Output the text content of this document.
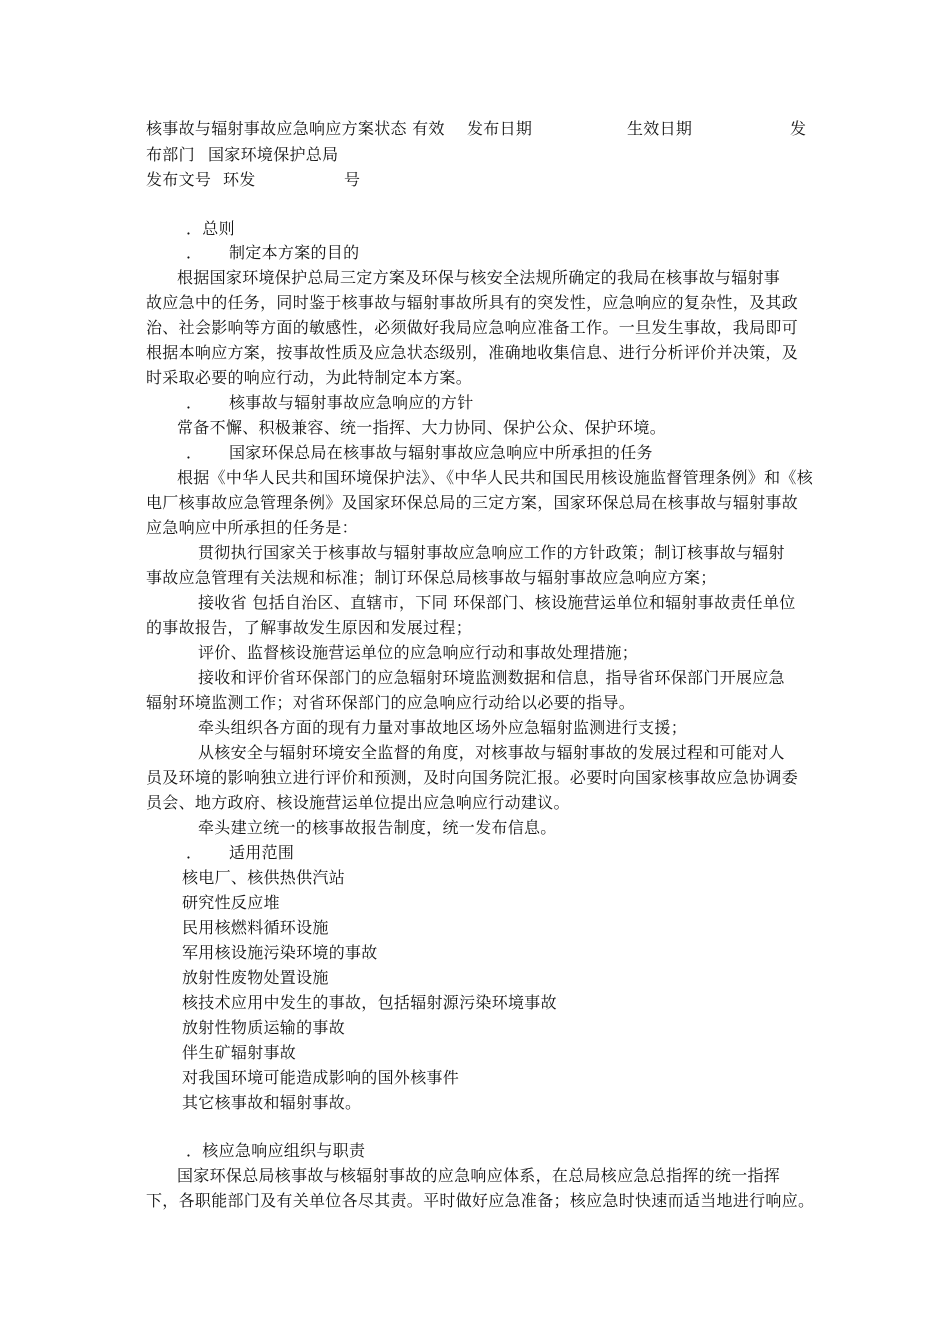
核事故与辐射事故应急响应方案状态 有效 发布日期	生效日期	发
布部门 国家环境保护总局
发布文号 环发	号
．总则
． 制定本方案的目的
根据国家环境保护总局三定方案及环保与核安全法规所确定的我局在核事故与辐射事
故应急中的任务，同时鉴于核事故与辐射事故所具有的突发性，应急响应的复杂性，及其政
治、社会影响等方面的敏感性，必须做好我局应急响应准备工作。一旦发生事故，我局即可
根据本响应方案，按事故性质及应急状态级别，准确地收集信息、进行分析评价并决策，及
时采取必要的响应行动，为此特制定本方案。
． 核事故与辐射事故应急响应的方针
常备不懈、积极兼容、统一指挥、大力协同、保护公众、保护环境。
． 国家环保总局在核事故与辐射事故应急响应中所承担的任务
根据《中华人民共和国环境保护法》、《中华人民共和国民用核设施监督管理条例》和《核
电厂核事故应急管理条例》及国家环保总局的三定方案，国家环保总局在核事故与辐射事故
应急响应中所承担的任务是：
贯彻执行国家关于核事故与辐射事故应急响应工作的方针政策；制订核事故与辐射
事故应急管理有关法规和标准；制订环保总局核事故与辐射事故应急响应方案；
接收省 包括自治区、直辖市，下同 环保部门、核设施营运单位和辐射事故责任单位
的事故报告，了解事故发生原因和发展过程；
评价、监督核设施营运单位的应急响应行动和事故处理措施；
接收和评价省环保部门的应急辐射环境监测数据和信息，指导省环保部门开展应急
辐射环境监测工作；对省环保部门的应急响应行动给以必要的指导。
牵头组织各方面的现有力量对事故地区场外应急辐射监测进行支援；
从核安全与辐射环境安全监督的角度，对核事故与辐射事故的发展过程和可能对人
员及环境的影响独立进行评价和预测，及时向国务院汇报。必要时向国家核事故应急协调委
员会、地方政府、核设施营运单位提出应急响应行动建议。
牵头建立统一的核事故报告制度，统一发布信息。
． 适用范围
核电厂、核供热供汽站
研究性反应堆
民用核燃料循环设施
军用核设施污染环境的事故
放射性废物处置设施
核技术应用中发生的事故，包括辐射源污染环境事故
放射性物质运输的事故
伴生矿辐射事故
对我国环境可能造成影响的国外核事件
其它核事故和辐射事故。
．核应急响应组织与职责
国家环保总局核事故与核辐射事故的应急响应体系，在总局核应急总指挥的统一指挥
下，各职能部门及有关单位各尽其责。平时做好应急准备；核应急时快速而适当地进行响应。
